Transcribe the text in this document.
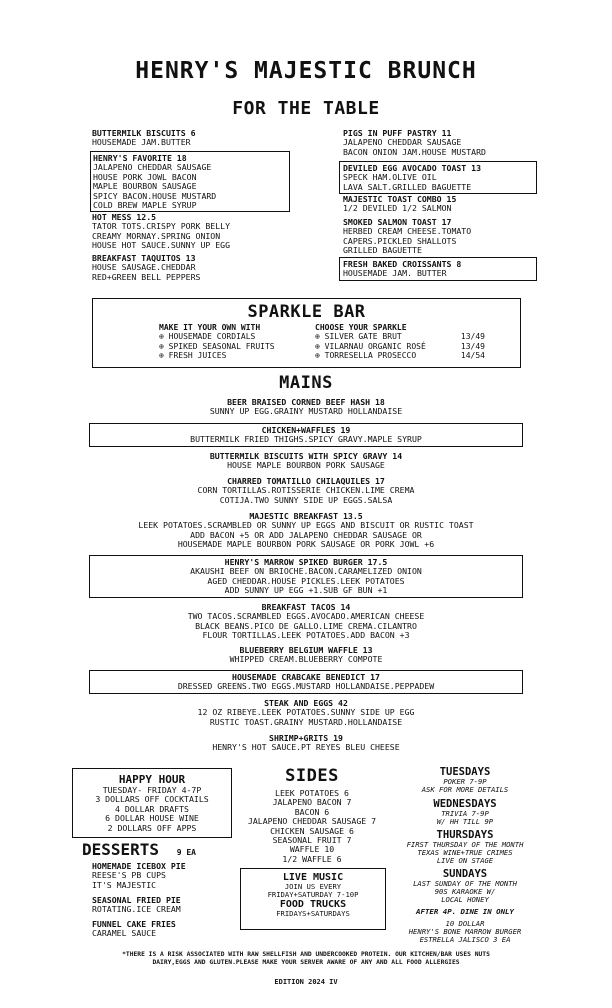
HENRY'S MAJESTIC BRUNCH
FOR THE TABLE
BUTTERMILK BISCUITS 6
HOUSEMADE JAM.BUTTER
HENRY'S FAVORITE 18
JALAPENO CHEDDAR SAUSAGE
HOUSE PORK JOWL BACON
MAPLE BOURBON SAUSAGE
SPICY BACON.HOUSE MUSTARD
COLD BREW MAPLE SYRUP
HOT MESS 12.5
TATOR TOTS.CRISPY PORK BELLY
CREAMY MORNAY.SPRING ONION
HOUSE HOT SAUCE.SUNNY UP EGG
BREAKFAST TAQUITOS 13
HOUSE SAUSAGE.CHEDDAR
RED+GREEN BELL PEPPERS
PIGS IN PUFF PASTRY 11
JALAPENO CHEDDAR SAUSAGE
BACON ONION JAM.HOUSE MUSTARD
DEVILED EGG AVOCADO TOAST 13
SPECK HAM.OLIVE OIL
LAVA SALT.GRILLED BAGUETTE
MAJESTIC TOAST COMBO 15
1/2 DEVILED 1/2 SALMON
SMOKED SALMON TOAST 17
HERBED CREAM CHEESE.TOMATO
CAPERS.PICKLED SHALLOTS
GRILLED BAGUETTE
FRESH BAKED CROISSANTS 8
HOUSEMADE JAM. BUTTER
SPARKLE BAR
MAKE IT YOUR OWN WITH
⊕ HOUSEMADE CORDIALS
⊕ SPIKED SEASONAL FRUITS
⊕ FRESH JUICES
CHOOSE YOUR SPARKLE
⊕ SILVER GATE BRUT	13/49
⊕ VILARNAU ORGANIC ROSÉ	13/49
⊕ TORRESELLA PROSECCO	14/54
MAINS
BEER BRAISED CORNED BEEF HASH 18
SUNNY UP EGG.GRAINY MUSTARD HOLLANDAISE
CHICKEN+WAFFLES 19
BUTTERMILK FRIED THIGHS.SPICY GRAVY.MAPLE SYRUP
BUTTERMILK BISCUITS WITH SPICY GRAVY 14
HOUSE MAPLE BOURBON PORK SAUSAGE
CHARRED TOMATILLO CHILAQUILES 17
CORN TORTILLAS.ROTISSERIE CHICKEN.LIME CREMA
COTIJA.TWO SUNNY SIDE UP EGGS.SALSA
MAJESTIC BREAKFAST 13.5
LEEK POTATOES.SCRAMBLED OR SUNNY UP EGGS AND BISCUIT OR RUSTIC TOAST
ADD BACON +5 OR ADD JALAPENO CHEDDAR SAUSAGE OR
HOUSEMADE MAPLE BOURBON PORK SAUSAGE OR PORK JOWL +6
HENRY'S MARROW SPIKED BURGER 17.5
AKAUSHI BEEF ON BRIOCHE.BACON.CARAMELIZED ONION
AGED CHEDDAR.HOUSE PICKLES.LEEK POTATOES
ADD SUNNY UP EGG +1.SUB GF BUN +1
BREAKFAST TACOS 14
TWO TACOS.SCRAMBLED EGGS.AVOCADO.AMERICAN CHEESE
BLACK BEANS.PICO DE GALLO.LIME CREMA.CILANTRO
FLOUR TORTILLAS.LEEK POTATOES.ADD BACON +3
BLUEBERRY BELGIUM WAFFLE 13
WHIPPED CREAM.BLUEBERRY COMPOTE
HOUSEMADE CRABCAKE BENEDICT 17
DRESSED GREENS.TWO EGGS.MUSTARD HOLLANDAISE.PEPPADEW
STEAK AND EGGS 42
12 OZ RIBEYE.LEEK POTATOES.SUNNY SIDE UP EGG
RUSTIC TOAST.GRAINY MUSTARD.HOLLANDAISE
SHRIMP+GRITS 19
HENRY'S HOT SAUCE.PT REYES BLEU CHEESE
HAPPY HOUR
TUESDAY- FRIDAY 4-7P
3 DOLLARS OFF COCKTAILS
4 DOLLAR DRAFTS
6 DOLLAR HOUSE WINE
2 DOLLARS OFF APPS
DESSERTS 9 EA
HOMEMADE ICEBOX PIE
REESE'S PB CUPS
IT'S MAJESTIC
SEASONAL FRIED PIE
ROTATING.ICE CREAM
FUNNEL CAKE FRIES
CARAMEL SAUCE
SIDES
LEEK POTATOES 6
JALAPENO BACON 7
BACON 6
JALAPENO CHEDDAR SAUSAGE 7
CHICKEN SAUSAGE 6
SEASONAL FRUIT 7
WAFFLE 10
1/2 WAFFLE 6
LIVE MUSIC
JOIN US EVERY
FRIDAY+SATURDAY 7-10P
FOOD TRUCKS
FRIDAYS+SATURDAYS
TUESDAYS
POKER 7-9P
ASK FOR MORE DETAILS
WEDNESDAYS
TRIVIA 7-9P
W/ HH TILL 9P
THURSDAYS
FIRST THURSDAY OF THE MONTH
TEXAS WINE+TRUE CRIMES
LIVE ON STAGE
SUNDAYS
LAST SUNDAY OF THE MONTH
90S KARAOKE W/
LOCAL HONEY
AFTER 4P. DINE IN ONLY
10 DOLLAR
HENRY'S BONE MARROW BURGER
ESTRELLA JALISCO 3 EA
*THERE IS A RISK ASSOCIATED WITH RAW SHELLFISH AND UNDERCOOKED PROTEIN. OUR KITCHEN/BAR USES NUTS
DAIRY,EGGS AND GLUTEN.PLEASE MAKE YOUR SERVER AWARE OF ANY AND ALL FOOD ALLERGIES
EDITION 2024 IV
